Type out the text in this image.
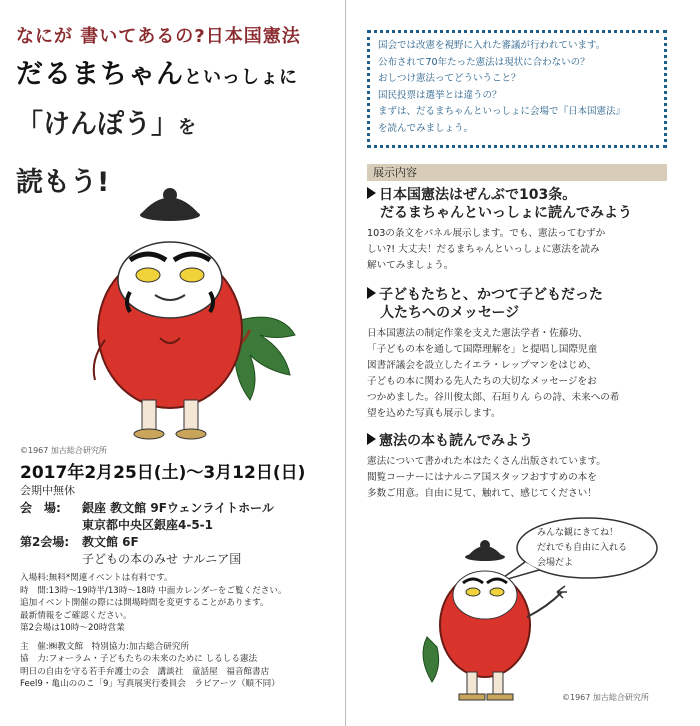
なにが 書いてあるの?日本国憲法
だるまちゃんといっしょに
「けんぽう」を
読もう!
©1967 加古総合研究所
2017年2月25日(土)〜3月12日(日)
会期中無休
会　場:	銀座 教文館 9Fウェンライトホール
東京都中央区銀座4-5-1
第2会場:	教文館 6F
子どもの本のみせ ナルニア国

入場料:無料*関連イベントは有料です。

時　間:13時〜19時半/13時〜18時 中面カレンダーをご覧ください。

追加イベント開催の際には開場時間を変更することがあります。

最新情報をご確認ください。

第2会場は10時〜20時営業

主　催:㈱教文館　特別協力:加古総合研究所

協　力:フォーラム・子どもたちの未来のために しるしる憲法

明日の自由を守る若手弁護士の会　講談社　童話屋　福音館書店

Feel9・亀山ののこ「9」写真展実行委員会　ラビアーツ（順不同）

国会では改憲を視野に入れた審議が行われています。

公布されて70年たった憲法は現状に合わないの？

おしつけ憲法ってどういうこと？

国民投票は選挙とは違うの？

まずは、だるまちゃんといっしょに会場で『日本国憲法』

を読んでみましょう。

展示内容
日本国憲法はぜんぶで103条。
だるまちゃんといっしょに読んでみよう

103の条文をパネル展示します。でも、憲法ってむずか

しい?! 大丈夫！だるまちゃんといっしょに憲法を読み

解いてみましょう。

子どもたちと、かつて子どもだった
人たちへのメッセージ

日本国憲法の制定作業を支えた憲法学者・佐藤功、

「子どもの本を通して国際理解を」と提唱し国際児童

図書評議会を設立したイエラ・レップマンをはじめ、

子どもの本に関わる先人たちの大切なメッセージをお

つかめました。谷川俊太郎、石垣りん らの詩、未来への希

望を込めた写真も展示します。

憲法の本も読んでみよう

憲法について書かれた本はたくさん出版されています。

閲覧コーナーにはナルニア国スタッフおすすめの本を

多数ご用意。自由に見て、触れて、感じてください！

みんな観にきてね！
だれでも自由に入れる
会場だよ
©1967 加古総合研究所
